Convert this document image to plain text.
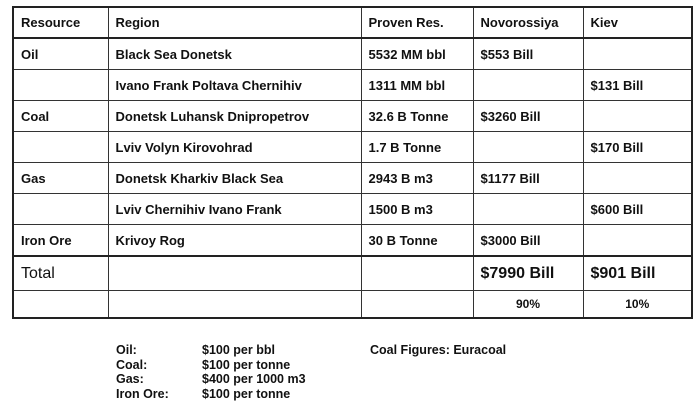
Resource	Region	Proven Res.	Novorossiya	Kiev
Oil	Black Sea Donetsk	5532 MM bbl	$553 Bill	
	Ivano Frank Poltava Chernihiv	1311 MM bbl		$131 Bill
Coal	Donetsk Luhansk Dnipropetrov	32.6 B Tonne	$3260 Bill	
	Lviv Volyn Kirovohrad	1.7 B Tonne		$170 Bill
Gas	Donetsk Kharkiv Black Sea	2943 B m3	$1177 Bill	
	Lviv Chernihiv Ivano Frank	1500 B m3		$600 Bill
Iron Ore	Krivoy Rog	30 B Tonne	$3000 Bill	
Total			$7990 Bill	$901 Bill
			90%	10%
Oil:	$100 per bbl
Coal:	$100 per tonne
Gas:	$400 per 1000 m3
Iron Ore:	$100 per tonne
Coal Figures: Euracoal
